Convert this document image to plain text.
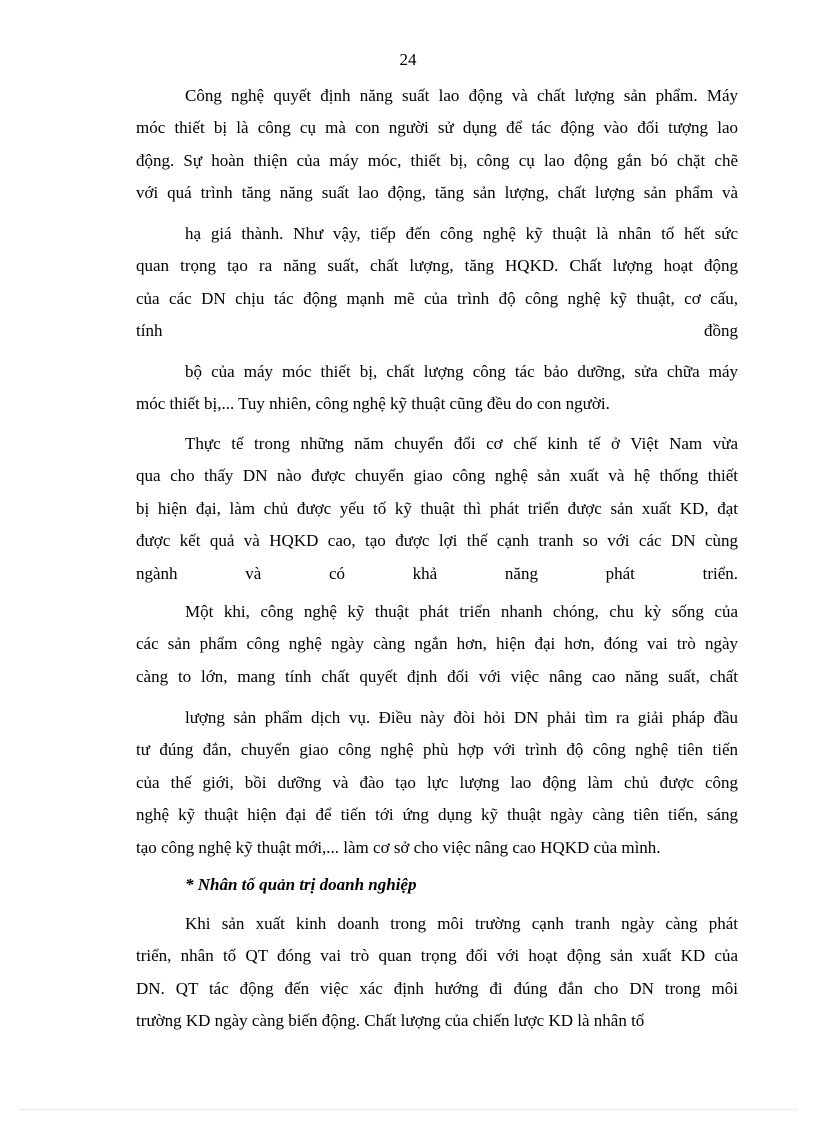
24
Công nghệ quyết định năng suất lao động và chất lượng sản phẩm. Máy
móc thiết bị là công cụ mà con người sử dụng để tác động vào đối tượng lao
động. Sự hoàn thiện của máy móc, thiết bị, công cụ lao động gắn bó chặt chẽ
với quá trình tăng năng suất lao động, tăng sản lượng, chất lượng sản phẩm và
hạ giá thành. Như vậy, tiếp đến công nghệ kỹ thuật là nhân tố hết sức
quan trọng tạo ra năng suất, chất lượng, tăng HQKD. Chất lượng hoạt động
của các DN chịu tác động mạnh mẽ của trình độ công nghệ kỹ thuật, cơ cấu,
tính đồng
bộ của máy móc thiết bị, chất lượng công tác bảo dưỡng, sửa chữa máy
móc thiết bị,... Tuy nhiên, công nghệ kỹ thuật cũng đều do con người.
Thực tế trong những năm chuyển đổi cơ chế kinh tế ở Việt Nam vừa
qua cho thấy DN nào được chuyển giao công nghệ sản xuất và hệ thống thiết
bị hiện đại, làm chủ được yếu tố kỹ thuật thì phát triển được sản xuất KD, đạt
được kết quả và HQKD cao, tạo được lợi thế cạnh tranh so với các DN cùng
ngành và có khả năng phát triển.
Một khi, công nghệ kỹ thuật phát triển nhanh chóng, chu kỳ sống của
các sản phẩm công nghệ ngày càng ngắn hơn, hiện đại hơn, đóng vai trò ngày
càng to lớn, mang tính chất quyết định đối với việc nâng cao năng suất, chất
lượng sản phẩm dịch vụ. Điều này đòi hỏi DN phải tìm ra giải pháp đầu
tư đúng đắn, chuyển giao công nghệ phù hợp với trình độ công nghệ tiên tiến
của thế giới, bồi dưỡng và đào tạo lực lượng lao động làm chủ được công
nghệ kỹ thuật hiện đại để tiến tới ứng dụng kỹ thuật ngày càng tiên tiến, sáng
tạo công nghệ kỹ thuật mới,... làm cơ sở cho việc nâng cao HQKD của mình.
* Nhân tố quản trị doanh nghiệp
Khi sản xuất kinh doanh trong môi trường cạnh tranh ngày càng phát
triển, nhân tố QT đóng vai trò quan trọng đối với hoạt động sản xuất KD của
DN. QT tác động đến việc xác định hướng đi đúng đắn cho DN trong môi
trường KD ngày càng biến động. Chất lượng của chiến lược KD là nhân tố
